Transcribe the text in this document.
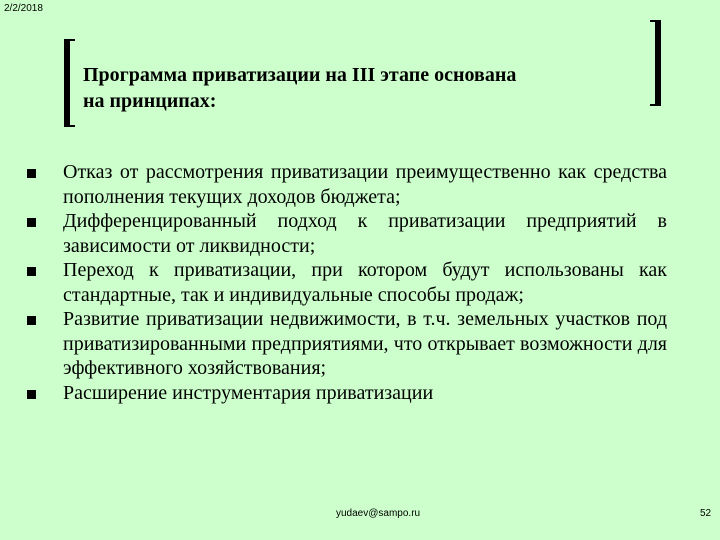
2/2/2018
Программа приватизации на III этапе основана
на принципах:
Отказ от рассмотрения приватизации преимущественно как средства пополнения текущих доходов бюджета;
Дифференцированный подход к приватизации предприятий в зависимости от ликвидности;
Переход к приватизации, при котором будут использованы как стандартные, так и индивидуальные способы продаж;
Развитие приватизации недвижимости, в т.ч. земельных участков под приватизированными предприятиями, что открывает возможности для эффективного хозяйствования;
Расширение инструментария приватизации
yudaev@sampo.ru	52
